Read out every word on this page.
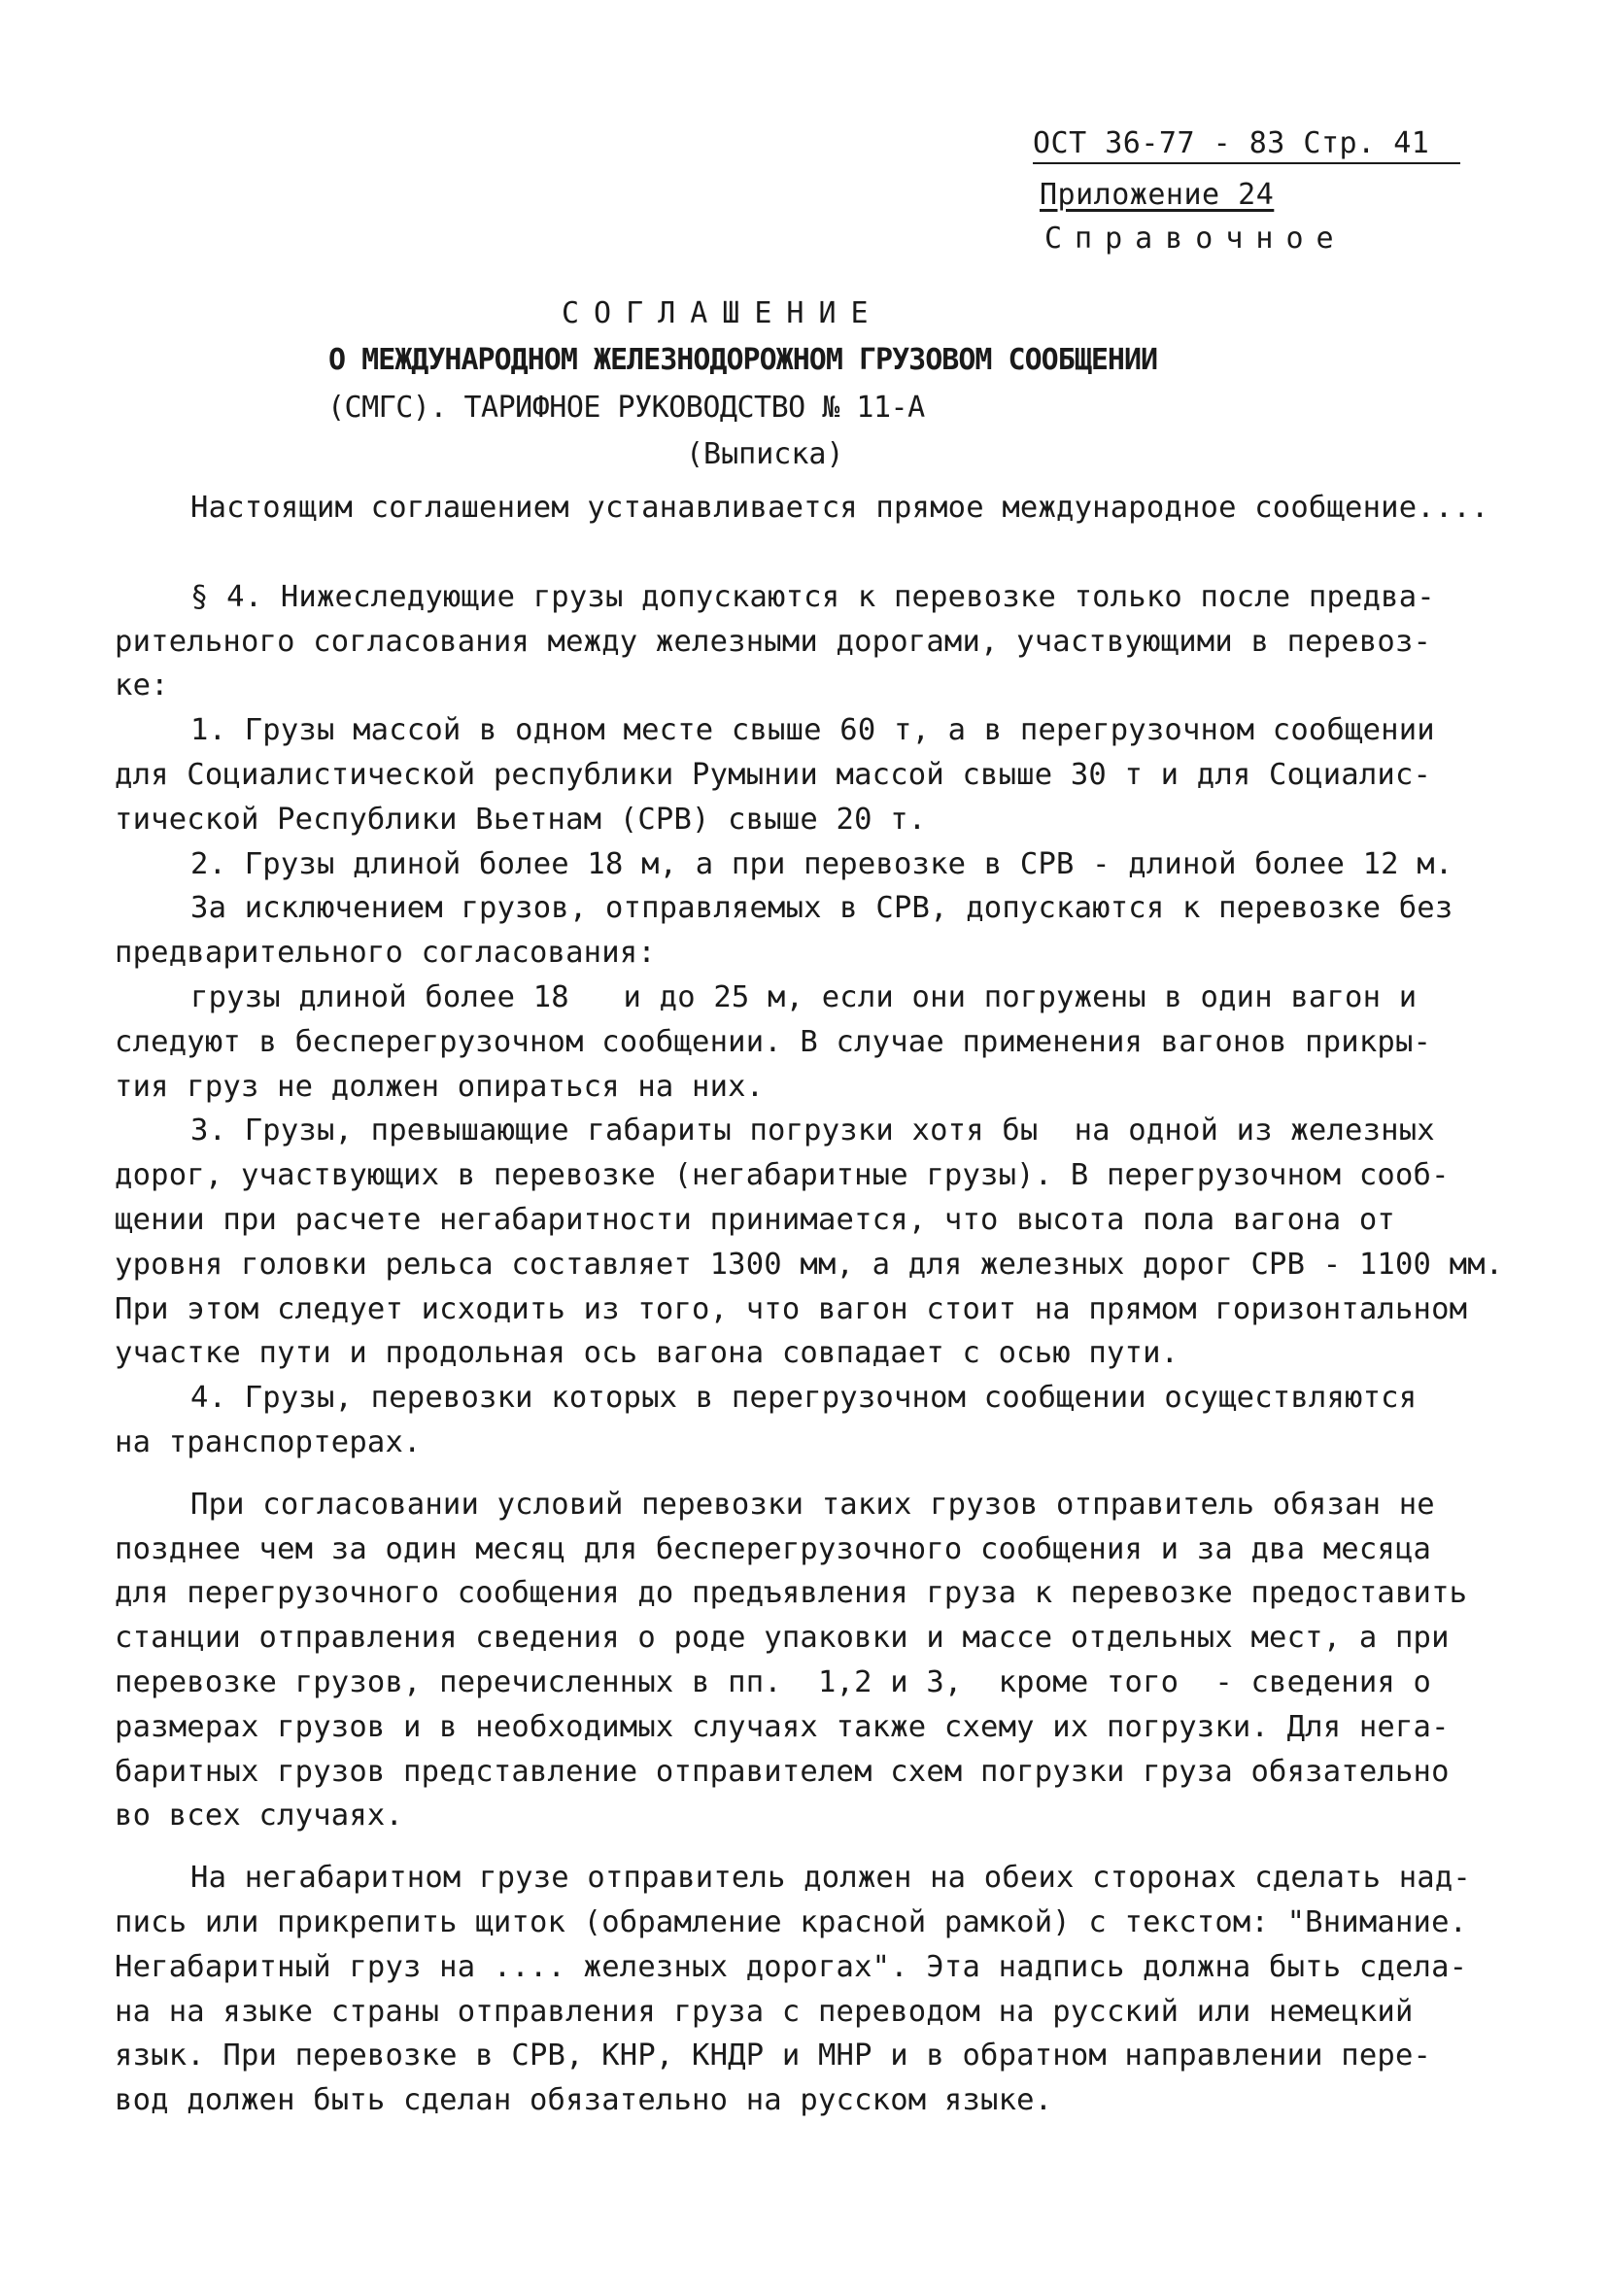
ОСТ 36-77 - 83 Стр. 41
Приложение 24
Справочное
СОГЛАШЕНИЕ
О МЕЖДУНАРОДНОМ ЖЕЛЕЗНОДОРОЖНОМ ГРУЗОВОМ СООБЩЕНИИ
(СМГС). ТАРИФНОЕ РУКОВОДСТВО № 11-А
(Выписка)
Настоящим соглашением устанавливается прямое международное сообщение....
§ 4. Нижеследующие грузы допускаются к перевозке только после предва-
рительного согласования между железными дорогами, участвующими в перевоз-
ке:
1. Грузы массой в одном месте свыше 60 т, а в перегрузочном сообщении
для Социалистической республики Румынии массой свыше 30 т и для Социалис-
тической Республики Вьетнам (СРВ) свыше 20 т.
2. Грузы длиной более 18 м, а при перевозке в СРВ - длиной более 12 м.
За исключением грузов, отправляемых в СРВ, допускаются к перевозке без
предварительного согласования:
грузы длиной более 18   и до 25 м, если они погружены в один вагон и
следуют в бесперегрузочном сообщении. В случае применения вагонов прикры-
тия груз не должен опираться на них.
3. Грузы, превышающие габариты погрузки хотя бы  на одной из железных
дорог, участвующих в перевозке (негабаритные грузы). В перегрузочном сооб-
щении при расчете негабаритности принимается, что высота пола вагона от
уровня головки рельса составляет 1300 мм, а для железных дорог СРВ - 1100 мм.
При этом следует исходить из того, что вагон стоит на прямом горизонтальном
участке пути и продольная ось вагона совпадает с осью пути.
4. Грузы, перевозки которых в перегрузочном сообщении осуществляются
на транспортерах.
При согласовании условий перевозки таких грузов отправитель обязан не
позднее чем за один месяц для бесперегрузочного сообщения и за два месяца
для перегрузочного сообщения до предъявления груза к перевозке предоставить
станции отправления сведения о роде упаковки и массе отдельных мест, а при
перевозке грузов, перечисленных в пп.  1,2 и 3,  кроме того  - сведения о
размерах грузов и в необходимых случаях также схему их погрузки. Для нега-
баритных грузов представление отправителем схем погрузки груза обязательно
во всех случаях.
На негабаритном грузе отправитель должен на обеих сторонах сделать над-
пись или прикрепить щиток (обрамление красной рамкой) с текстом: "Внимание.
Негабаритный груз на .... железных дорогах". Эта надпись должна быть сдела-
на на языке страны отправления груза с переводом на русский или немецкий
язык. При перевозке в СРВ, КНР, КНДР и МНР и в обратном направлении пере-
вод должен быть сделан обязательно на русском языке.
